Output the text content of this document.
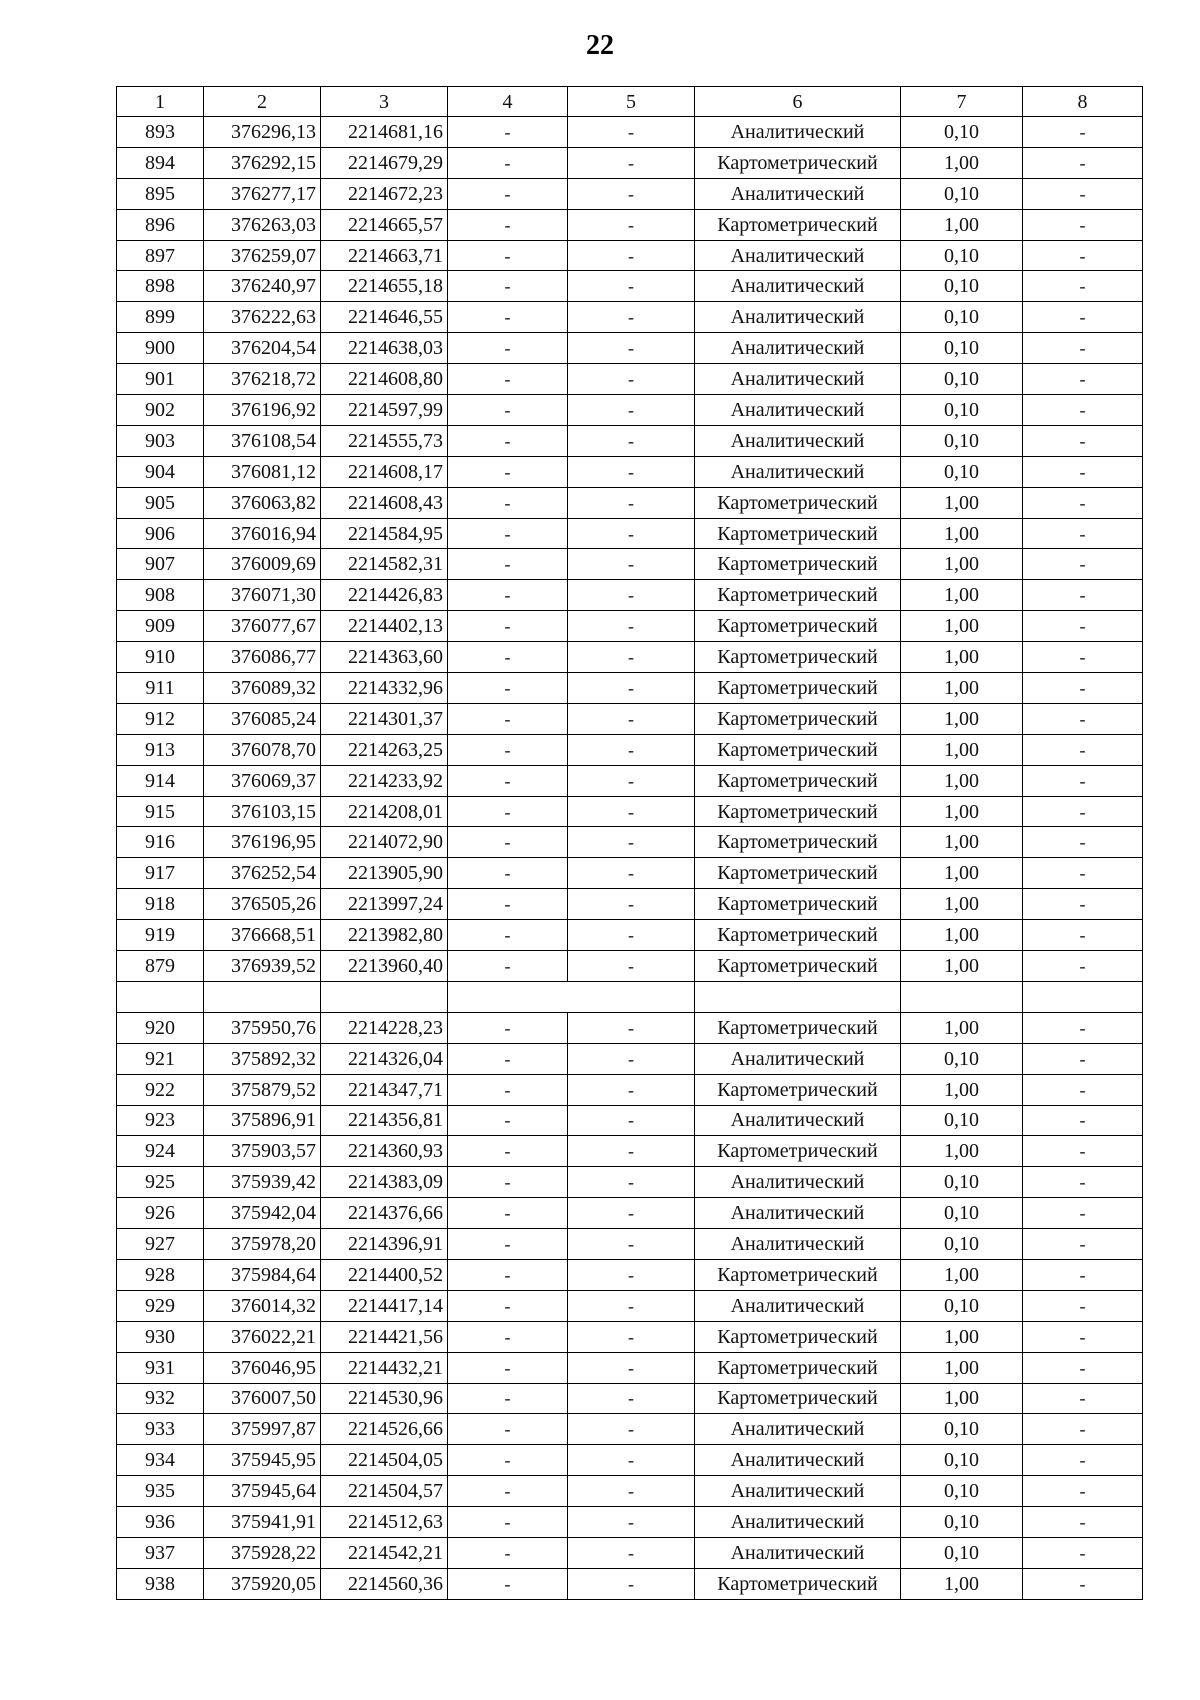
22
1	2	3	4	5	6	7	8
893	376296,13	2214681,16	-	-	Аналитический	0,10	-
894	376292,15	2214679,29	-	-	Картометрический	1,00	-
895	376277,17	2214672,23	-	-	Аналитический	0,10	-
896	376263,03	2214665,57	-	-	Картометрический	1,00	-
897	376259,07	2214663,71	-	-	Аналитический	0,10	-
898	376240,97	2214655,18	-	-	Аналитический	0,10	-
899	376222,63	2214646,55	-	-	Аналитический	0,10	-
900	376204,54	2214638,03	-	-	Аналитический	0,10	-
901	376218,72	2214608,80	-	-	Аналитический	0,10	-
902	376196,92	2214597,99	-	-	Аналитический	0,10	-
903	376108,54	2214555,73	-	-	Аналитический	0,10	-
904	376081,12	2214608,17	-	-	Аналитический	0,10	-
905	376063,82	2214608,43	-	-	Картометрический	1,00	-
906	376016,94	2214584,95	-	-	Картометрический	1,00	-
907	376009,69	2214582,31	-	-	Картометрический	1,00	-
908	376071,30	2214426,83	-	-	Картометрический	1,00	-
909	376077,67	2214402,13	-	-	Картометрический	1,00	-
910	376086,77	2214363,60	-	-	Картометрический	1,00	-
911	376089,32	2214332,96	-	-	Картометрический	1,00	-
912	376085,24	2214301,37	-	-	Картометрический	1,00	-
913	376078,70	2214263,25	-	-	Картометрический	1,00	-
914	376069,37	2214233,92	-	-	Картометрический	1,00	-
915	376103,15	2214208,01	-	-	Картометрический	1,00	-
916	376196,95	2214072,90	-	-	Картометрический	1,00	-
917	376252,54	2213905,90	-	-	Картометрический	1,00	-
918	376505,26	2213997,24	-	-	Картометрический	1,00	-
919	376668,51	2213982,80	-	-	Картометрический	1,00	-
879	376939,52	2213960,40	-	-	Картометрический	1,00	-

920	375950,76	2214228,23	-	-	Картометрический	1,00	-
921	375892,32	2214326,04	-	-	Аналитический	0,10	-
922	375879,52	2214347,71	-	-	Картометрический	1,00	-
923	375896,91	2214356,81	-	-	Аналитический	0,10	-
924	375903,57	2214360,93	-	-	Картометрический	1,00	-
925	375939,42	2214383,09	-	-	Аналитический	0,10	-
926	375942,04	2214376,66	-	-	Аналитический	0,10	-
927	375978,20	2214396,91	-	-	Аналитический	0,10	-
928	375984,64	2214400,52	-	-	Картометрический	1,00	-
929	376014,32	2214417,14	-	-	Аналитический	0,10	-
930	376022,21	2214421,56	-	-	Картометрический	1,00	-
931	376046,95	2214432,21	-	-	Картометрический	1,00	-
932	376007,50	2214530,96	-	-	Картометрический	1,00	-
933	375997,87	2214526,66	-	-	Аналитический	0,10	-
934	375945,95	2214504,05	-	-	Аналитический	0,10	-
935	375945,64	2214504,57	-	-	Аналитический	0,10	-
936	375941,91	2214512,63	-	-	Аналитический	0,10	-
937	375928,22	2214542,21	-	-	Аналитический	0,10	-
938	375920,05	2214560,36	-	-	Картометрический	1,00	-
